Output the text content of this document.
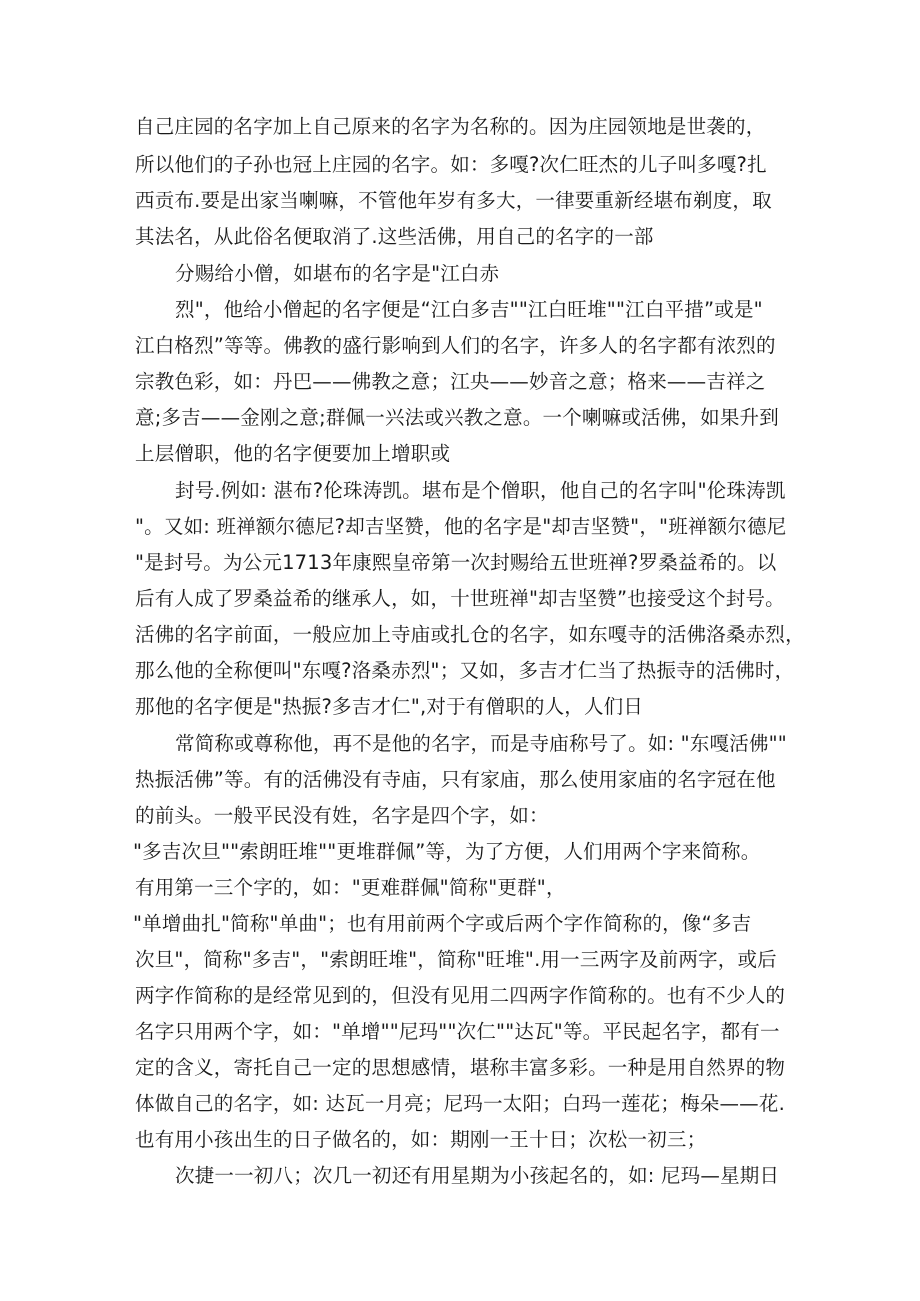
自己庄园的名字加上自己原来的名字为名称的。因为庄园领地是世袭的，
所以他们的子孙也冠上庄园的名字。如：多嘎?次仁旺杰的儿子叫多嘎?扎
西贡布.要是出家当喇嘛，不管他年岁有多大，一律要重新经堪布剃度，取
其法名，从此俗名便取消了.这些活佛，用自己的名字的一部
分赐给小僧，如堪布的名字是"江白赤
烈"，他给小僧起的名字便是“江白多吉""江白旺堆""江白平措”或是"
江白格烈”等等。佛教的盛行影响到人们的名字，许多人的名字都有浓烈的
宗教色彩，如：丹巴——佛教之意；江央——妙音之意；格来——吉祥之
意;多吉——金刚之意;群佩一兴法或兴教之意。一个喇嘛或活佛，如果升到
上层僧职，他的名字便要加上增职或
封号.例如: 湛布?伦珠涛凯。堪布是个僧职，他自己的名字叫"伦珠涛凯
"。又如: 班禅额尔德尼?却吉坚赞，他的名字是"却吉坚赞"，"班禅额尔德尼
"是封号。为公元1713年康熙皇帝第一次封赐给五世班禅?罗桑益希的。以
后有人成了罗桑益希的继承人，如，十世班禅"却吉坚赞”也接受这个封号。
活佛的名字前面，一般应加上寺庙或扎仓的名字，如东嘎寺的活佛洛桑赤烈，
那么他的全称便叫"东嘎?洛桑赤烈"；又如，多吉才仁当了热振寺的活佛时，
那他的名字便是"热振?多吉才仁",对于有僧职的人，人们日
常简称或尊称他，再不是他的名字，而是寺庙称号了。如: "东嘎活佛""
热振活佛”等。有的活佛没有寺庙，只有家庙，那么使用家庙的名字冠在他
的前头。一般平民没有姓，名字是四个字，如：
"多吉次旦""索朗旺堆""更堆群佩”等，为了方便，人们用两个字来简称。
有用第一三个字的，如："更难群佩"简称"更群"，
"单增曲扎"简称"单曲"；也有用前两个字或后两个字作简称的，像“多吉
次旦"，简称"多吉"，"索朗旺堆"，简称"旺堆".用一三两字及前两字，或后
两字作简称的是经常见到的，但没有见用二四两字作简称的。也有不少人的
名字只用两个字，如："单增""尼玛""次仁""达瓦"等。平民起名字，都有一
定的含义，寄托自己一定的思想感情，堪称丰富多彩。一种是用自然界的物
体做自己的名字，如: 达瓦一月亮；尼玛一太阳；白玛一莲花；梅朵——花.
也有用小孩出生的日子做名的，如：期刚一王十日；次松一初三；
次捷一一初八；次几一初还有用星期为小孩起名的，如: 尼玛—星期日
